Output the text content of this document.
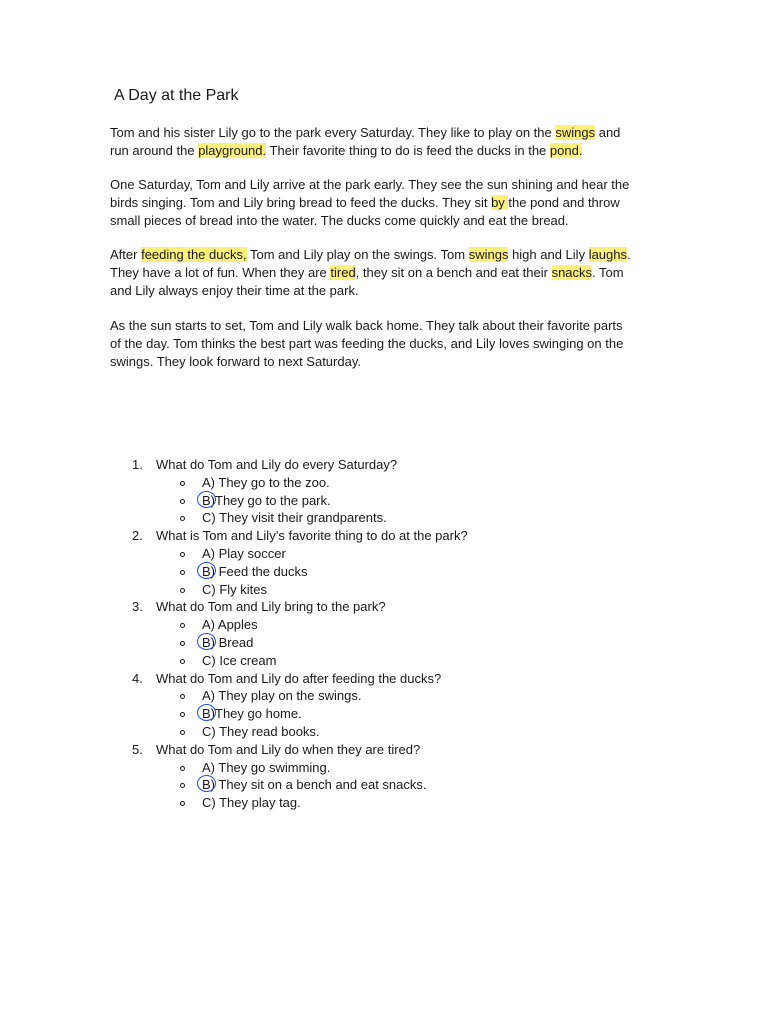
A Day at the Park

Tom and his sister Lily go to the park every Saturday. They like to play on the swings and
run around the playground. Their favorite thing to do is feed the ducks in the pond.

One Saturday, Tom and Lily arrive at the park early. They see the sun shining and hear the
birds singing. Tom and Lily bring bread to feed the ducks. They sit by the pond and throw
small pieces of bread into the water. The ducks come quickly and eat the bread.

After feeding the ducks, Tom and Lily play on the swings. Tom swings high and Lily laughs.
They have a lot of fun. When they are tired, they sit on a bench and eat their snacks. Tom
and Lily always enjoy their time at the park.

As the sun starts to set, Tom and Lily walk back home. They talk about their favorite parts
of the day. Tom thinks the best part was feeding the ducks, and Lily loves swinging on the
swings. They look forward to next Saturday.

1. What do Tom and Lily do every Saturday?
A) They go to the zoo.
B)
They go to the park.
C) They visit their grandparents.
2. What is Tom and Lily’s favorite thing to do at the park?
A) Play soccer
B)
Feed the ducks
C) Fly kites
3. What do Tom and Lily bring to the park?
A) Apples
B)
Bread
C) Ice cream
4. What do Tom and Lily do after feeding the ducks?
A) They play on the swings.
B)
They go home.
C) They read books.
5. What do Tom and Lily do when they are tired?
A) They go swimming.
B)
They sit on a bench and eat snacks.
C) They play tag.
